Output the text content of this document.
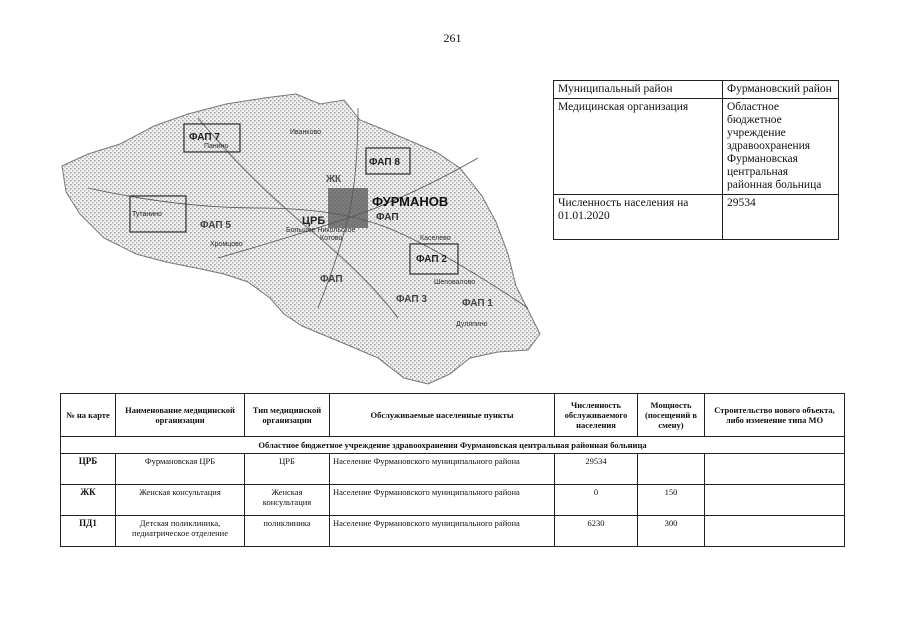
261
ФАП 7
ФАП 8
Тутанино
ФАП 2
ФУРМАНОВ
ЦРБ
ЖК
ФАП
ФАП 5
ФАП
ФАП 3	ФАП 1
Хромцово
Панино
Большое Никольское
Котово
Иванково
Каселево
Шеповалово
Дуляпино
Муниципальный район	Фурмановский район
Медицинская организация	Областное бюджетное учреждение здравоохранения Фурмановская центральная районная больница
Численность населения на 01.01.2020	29534
№ на карте	Наименование медицинской организации	Тип медицинской организации	Обслуживаемые населенные пункты	Численность обслуживаемого населения	Мощность (посещений в смену)	Строительство нового объекта, либо изменение типа МО
Областное бюджетное учреждение здравоохранения Фурмановская центральная районная больница						
ЦРБ	Фурмановская ЦРБ	ЦРБ	Население Фурмановского муниципального района	29534		
ЖК	Женская консультация	Женская консультация	Население Фурмановского муниципального района	0	150	
ПД1	Детская поликлиника, педиатрическое отделение	поликлиника	Население Фурмановского муниципального района	6230	300	
